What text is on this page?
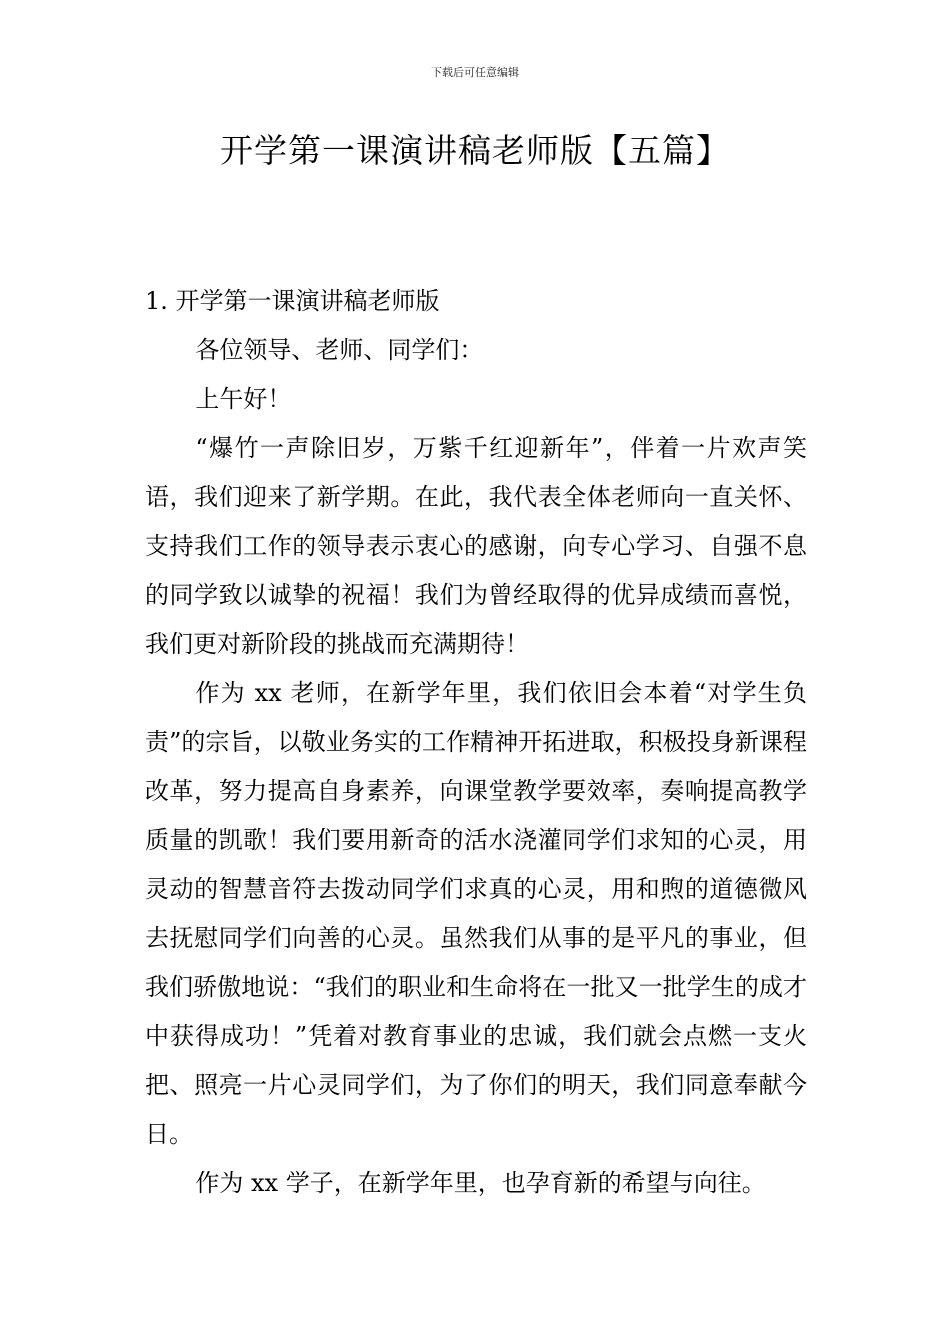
下载后可任意编辑
开学第一课演讲稿老师版【五篇】

1. 开学第一课演讲稿老师版

各位领导、老师、同学们：

上午好！

“爆竹一声除旧岁，万紫千红迎新年”，伴着一片欢声笑语，我们迎来了新学期。在此，我代表全体老师向一直关怀、支持我们工作的领导表示衷心的感谢，向专心学习、自强不息的同学致以诚挚的祝福！我们为曾经取得的优异成绩而喜悦，我们更对新阶段的挑战而充满期待！

作为 xx 老师，在新学年里，我们依旧会本着“对学生负责”的宗旨，以敬业务实的工作精神开拓进取，积极投身新课程改革，努力提高自身素养，向课堂教学要效率，奏响提高教学质量的凯歌！我们要用新奇的活水浇灌同学们求知的心灵，用灵动的智慧音符去拨动同学们求真的心灵，用和煦的道德微风去抚慰同学们向善的心灵。虽然我们从事的是平凡的事业，但我们骄傲地说：“我们的职业和生命将在一批又一批学生的成才中获得成功！”凭着对教育事业的忠诚，我们就会点燃一支火把、照亮一片心灵同学们，为了你们的明天，我们同意奉献今日。

作为 xx 学子，在新学年里，也孕育新的希望与向往。
